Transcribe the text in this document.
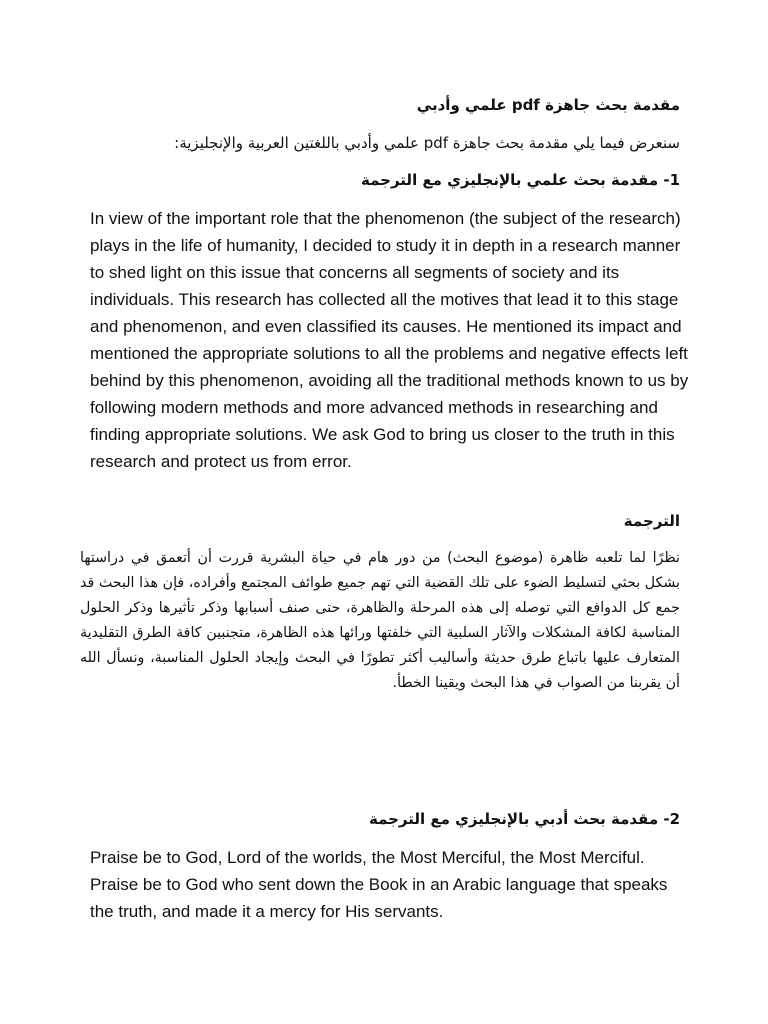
مقدمة بحث جاهزة pdf علمي وأدبي
سنعرض فيما يلي مقدمة بحث جاهزة pdf علمي وأدبي باللغتين العربية والإنجليزية:
1- مقدمة بحث علمي بالإنجليزي مع الترجمة

In view of the important role that the phenomenon (the subject of the research) plays in the life of humanity, I decided to study it in depth in a research manner to shed light on this issue that concerns all segments of society and its individuals. This research has collected all the motives that lead it to this stage and phenomenon, and even classified its causes. He mentioned its impact and mentioned the appropriate solutions to all the problems and negative effects left behind by this phenomenon, avoiding all the traditional methods known to us by following modern methods and more advanced methods in researching and finding appropriate solutions. We ask God to bring us closer to the truth in this research and protect us from error.

الترجمة

نظرًا لما تلعبه ظاهرة (موضوع البحث) من دور هام في حياة البشرية قررت أن أتعمق في دراستها بشكل بحثي لتسليط الضوء على تلك القضية التي تهم جميع طوائف المجتمع وأفراده، فإن هذا البحث قد جمع كل الدوافع التي توصله إلى هذه المرحلة والظاهرة، حتى صنف أسبابها وذكر تأثيرها وذكر الحلول المناسبة لكافة المشكلات والآثار السلبية التي خلفتها ورائها هذه الظاهرة، متجنبين كافة الطرق التقليدية المتعارف عليها باتباع طرق حديثة وأساليب أكثر تطورًا في البحث وإيجاد الحلول المناسبة، ونسأل الله أن يقربنا من الصواب في هذا البحث ويقينا الخطأ.

2- مقدمة بحث أدبي بالإنجليزي مع الترجمة

Praise be to God, Lord of the worlds, the Most Merciful, the Most Merciful. Praise be to God who sent down the Book in an Arabic language that speaks the truth, and made it a mercy for His servants.
